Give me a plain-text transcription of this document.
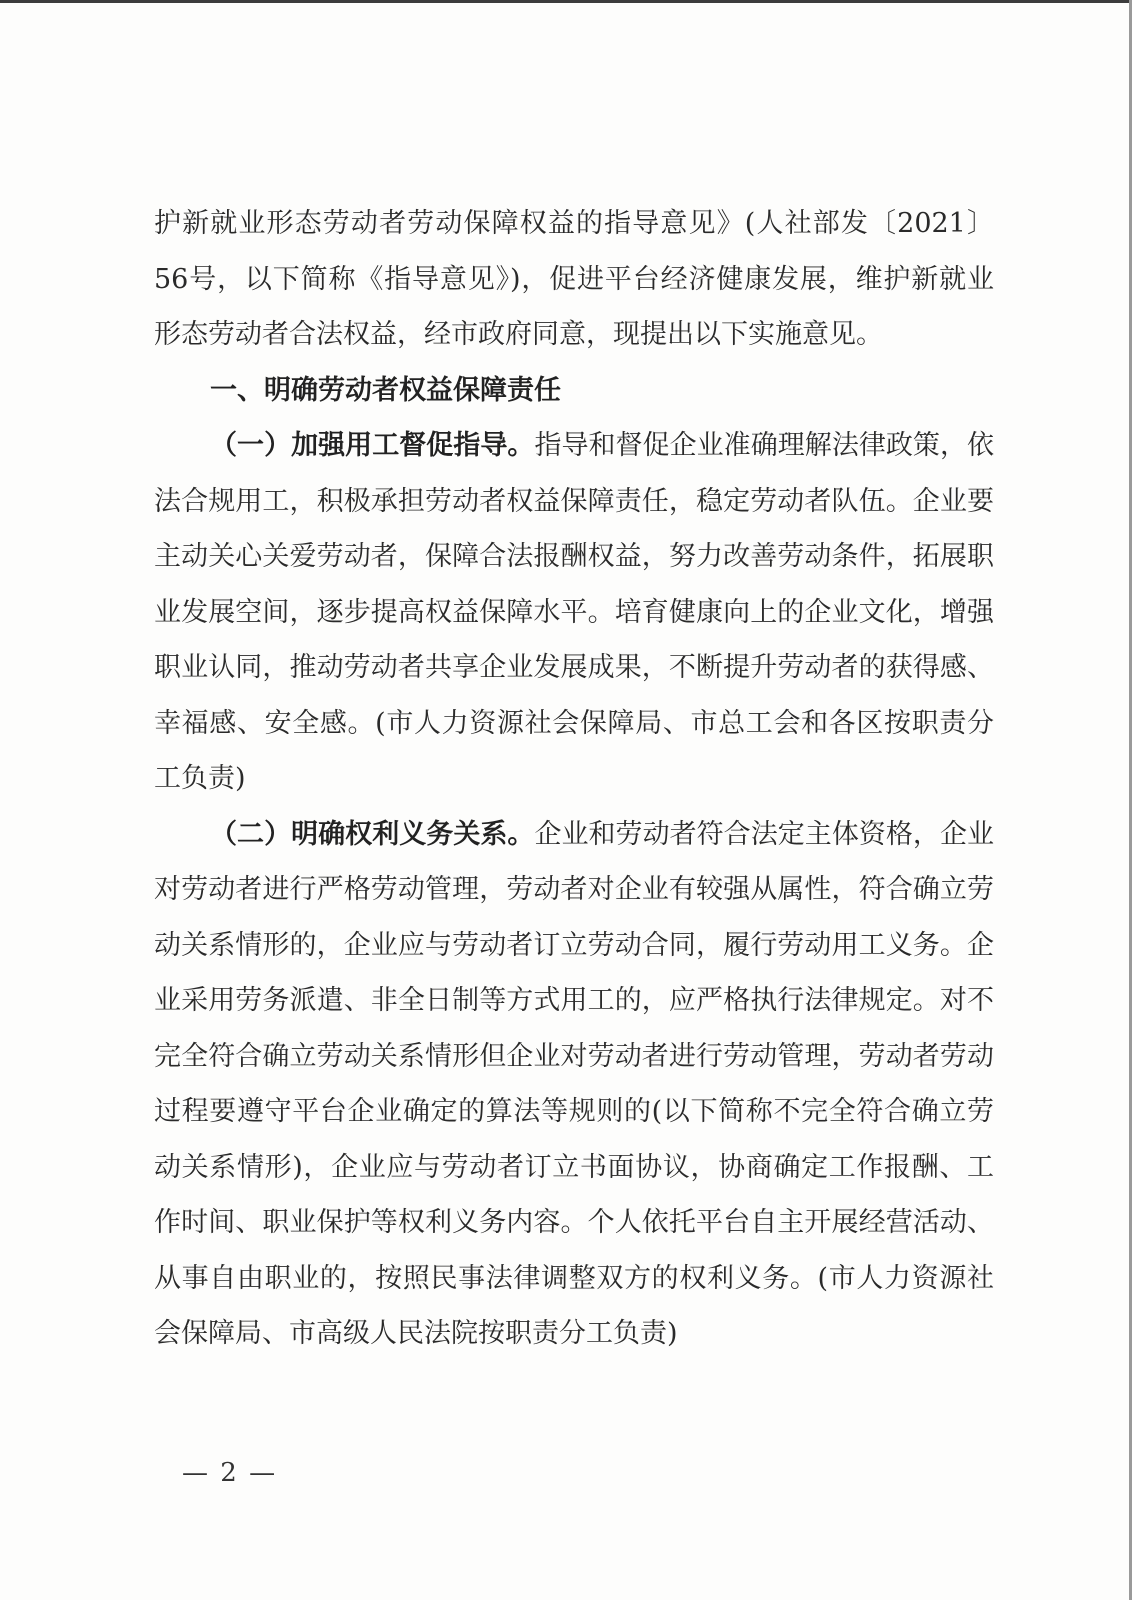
护新就业形态劳动者劳动保障权益的指导意见》(人社部发〔2021〕56号，以下简称《指导意见》)，促进平台经济健康发展，维护新就业形态劳动者合法权益，经市政府同意，现提出以下实施意见。

一、明确劳动者权益保障责任

（一）加强用工督促指导。指导和督促企业准确理解法律政策，依法合规用工，积极承担劳动者权益保障责任，稳定劳动者队伍。企业要主动关心关爱劳动者，保障合法报酬权益，努力改善劳动条件，拓展职业发展空间，逐步提高权益保障水平。培育健康向上的企业文化，增强职业认同，推动劳动者共享企业发展成果，不断提升劳动者的获得感、幸福感、安全感。(市人力资源社会保障局、市总工会和各区按职责分工负责)

（二）明确权利义务关系。企业和劳动者符合法定主体资格，企业对劳动者进行严格劳动管理，劳动者对企业有较强从属性，符合确立劳动关系情形的，企业应与劳动者订立劳动合同，履行劳动用工义务。企业采用劳务派遣、非全日制等方式用工的，应严格执行法律规定。对不完全符合确立劳动关系情形但企业对劳动者进行劳动管理，劳动者劳动过程要遵守平台企业确定的算法等规则的(以下简称不完全符合确立劳动关系情形)，企业应与劳动者订立书面协议，协商确定工作报酬、工作时间、职业保护等权利义务内容。个人依托平台自主开展经营活动、从事自由职业的，按照民事法律调整双方的权利义务。(市人力资源社会保障局、市高级人民法院按职责分工负责)

— 2 —
